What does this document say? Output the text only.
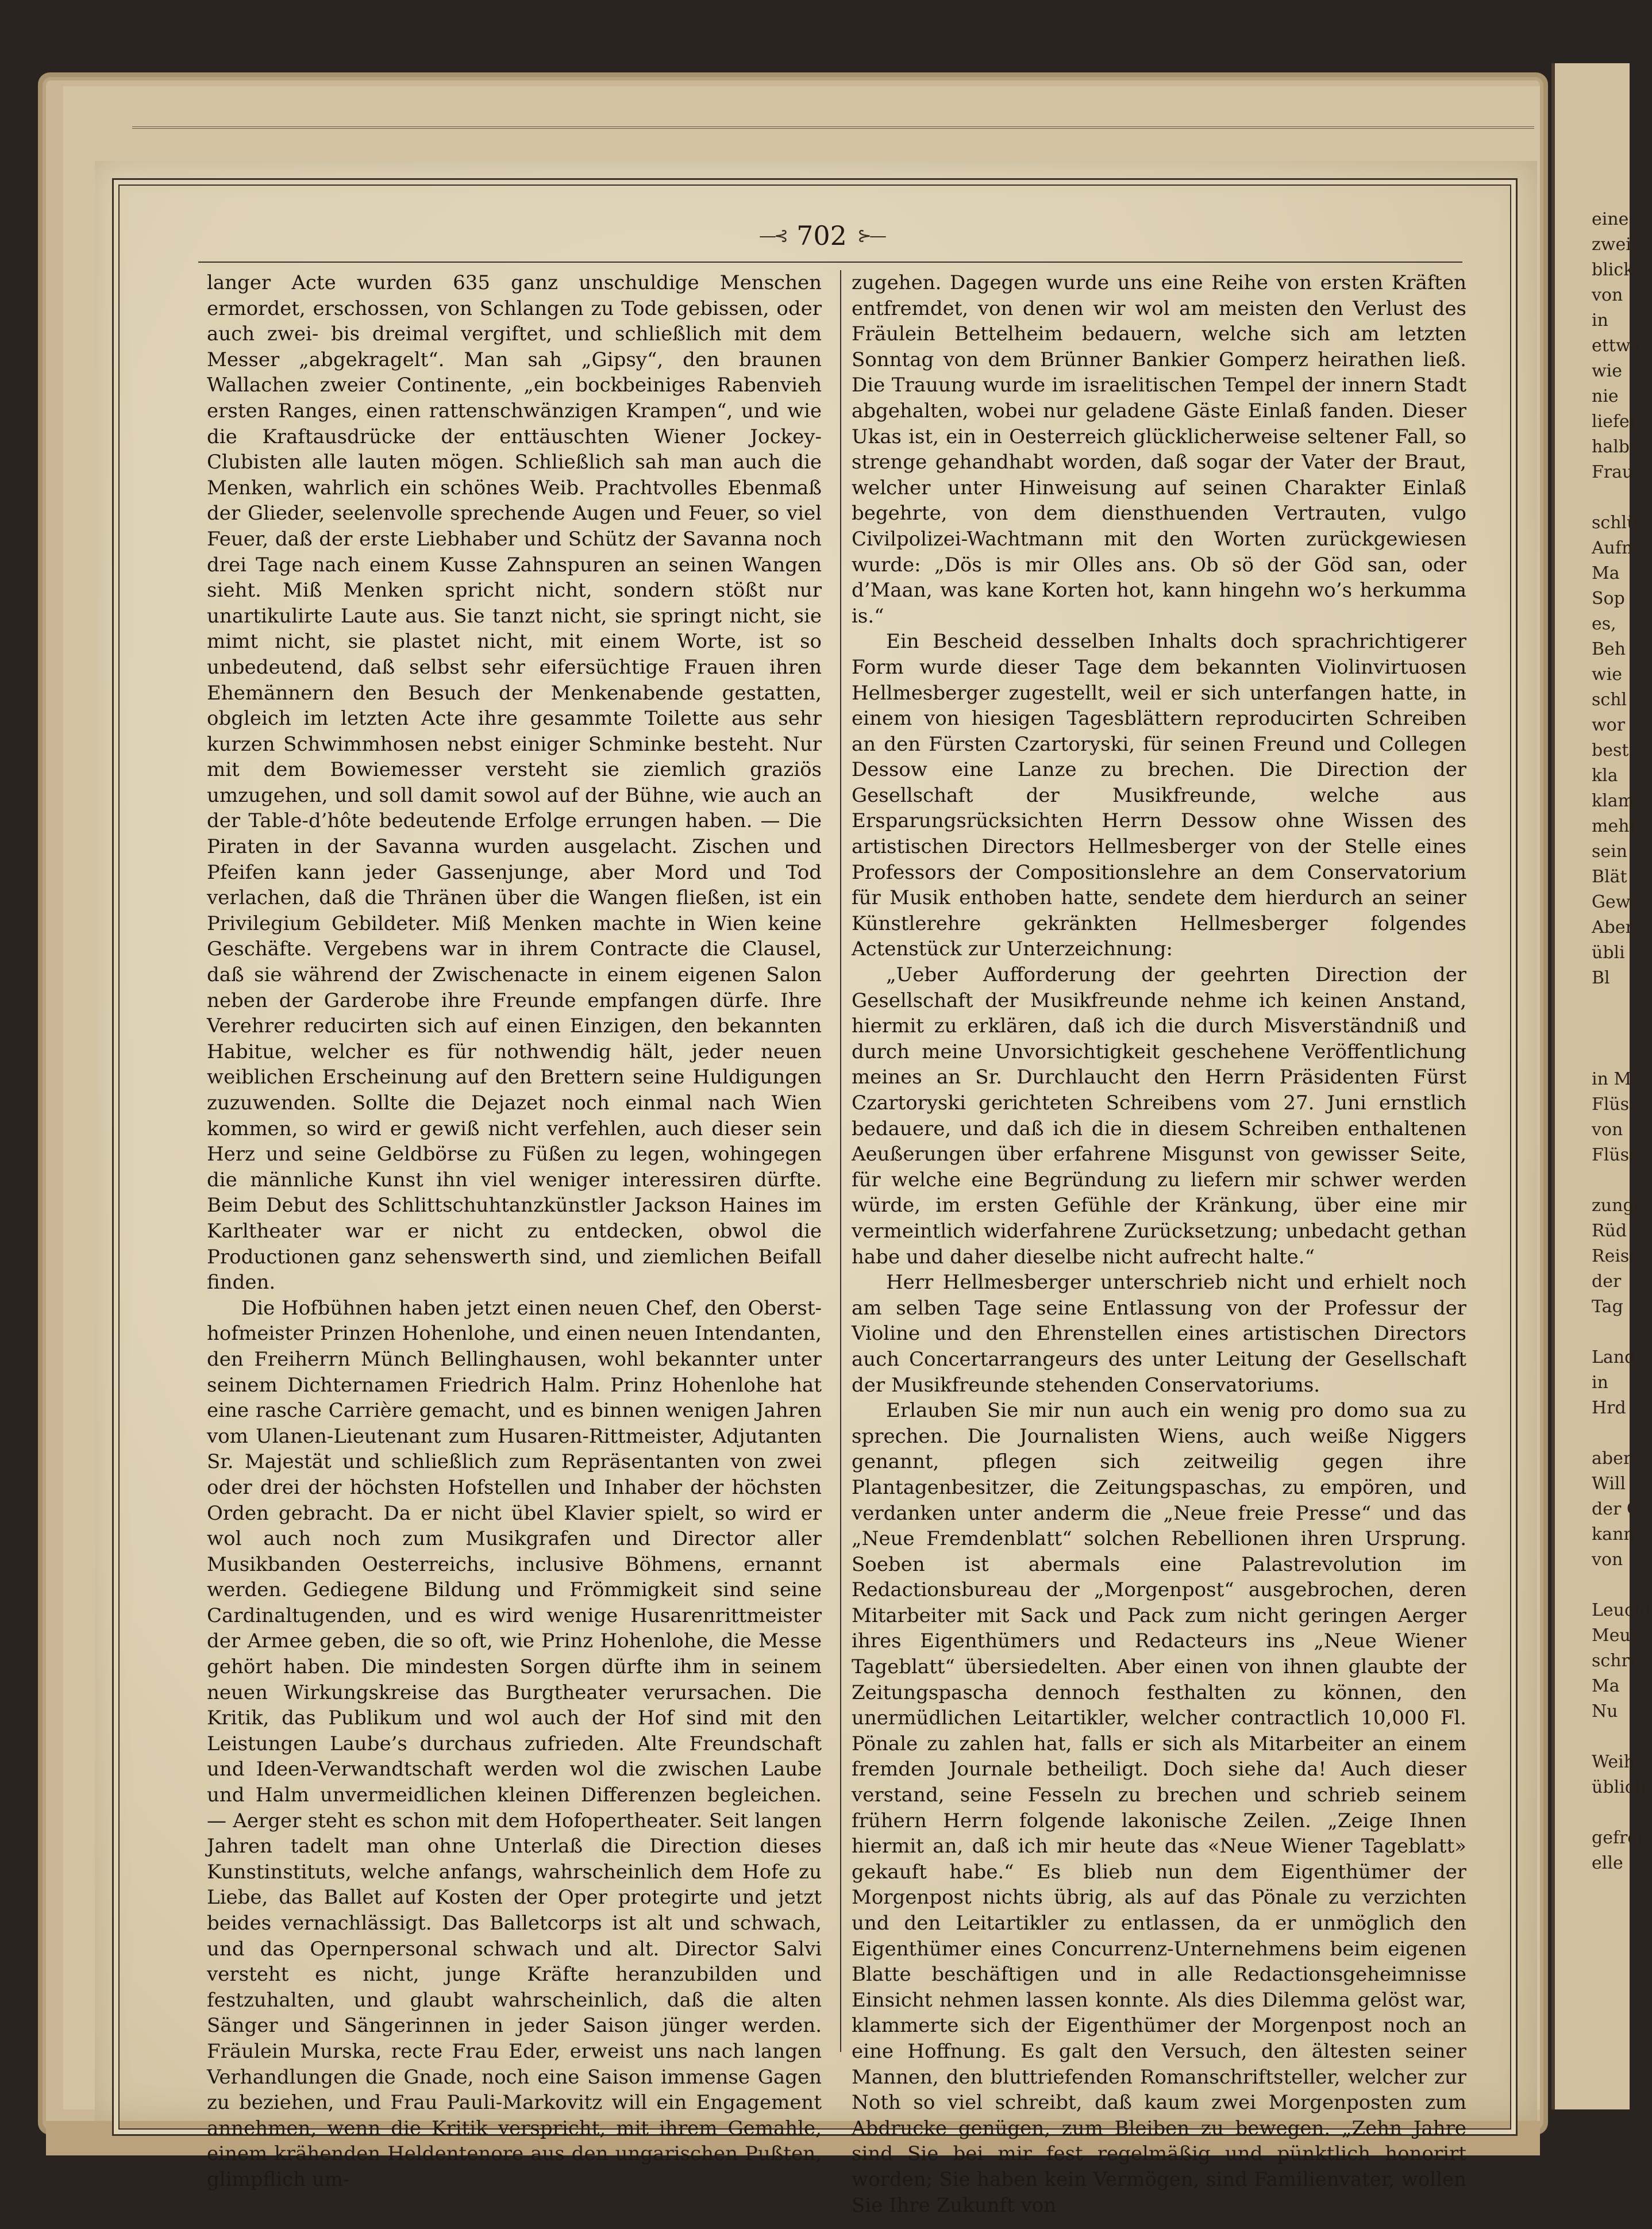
—⊰ 702 ⊱—

langer Acte wurden 635 ganz unschuldige Menschen ermordet, erschossen, von Schlangen zu Tode gebissen, oder auch zwei- bis dreimal vergiftet, und schließlich mit dem Messer „abgekragelt“. Man sah „Gipsy“, den braunen Wallachen zweier Continente, „ein bockbeiniges Rabenvieh ersten Ranges, einen rattenschwänzigen Krampen“, und wie die Kraftausdrücke der enttäuschten Wiener Jockey-Clubisten alle lauten mögen. Schließlich sah man auch die Menken, wahrlich ein schönes Weib. Prachtvolles Ebenmaß der Glieder, seelenvolle sprechende Augen und Feuer, so viel Feuer, daß der erste Liebhaber und Schütz der Savanna noch drei Tage nach einem Kusse Zahnspuren an seinen Wangen sieht. Miß Menken spricht nicht, sondern stößt nur unartikulirte Laute aus. Sie tanzt nicht, sie springt nicht, sie mimt nicht, sie plastet nicht, mit einem Worte, ist so unbedeutend, daß selbst sehr eifersüchtige Frauen ihren Ehemännern den Besuch der Menkenabende gestatten, obgleich im letzten Acte ihre gesammte Toilette aus sehr kurzen Schwimmhosen nebst einiger Schminke besteht. Nur mit dem Bowiemesser versteht sie ziemlich graziös umzugehen, und soll damit sowol auf der Bühne, wie auch an der Table-d’hôte bedeutende Erfolge errungen haben. — Die Piraten in der Savanna wurden ausgelacht. Zischen und Pfeifen kann jeder Gassenjunge, aber Mord und Tod verlachen, daß die Thränen über die Wangen fließen, ist ein Privilegium Gebildeter. Miß Menken machte in Wien keine Geschäfte. Vergebens war in ihrem Contracte die Clausel, daß sie während der Zwischenacte in einem eigenen Salon neben der Garderobe ihre Freunde empfangen dürfe. Ihre Verehrer reducirten sich auf einen Einzigen, den bekannten Habitue, welcher es für nothwendig hält, jeder neuen weiblichen Erscheinung auf den Brettern seine Huldigungen zuzuwenden. Sollte die Dejazet noch einmal nach Wien kommen, so wird er gewiß nicht verfehlen, auch dieser sein Herz und seine Geldbörse zu Füßen zu legen, wohingegen die männliche Kunst ihn viel weniger interessiren dürfte. Beim Debut des Schlittschuhtanzkünstler Jackson Haines im Karltheater war er nicht zu entdecken, obwol die Productionen ganz sehenswerth sind, und ziemlichen Beifall finden.

Die Hofbühnen haben jetzt einen neuen Chef, den Oberst-hofmeister Prinzen Hohenlohe, und einen neuen Intendanten, den Freiherrn Münch Bellinghausen, wohl bekannter unter seinem Dichternamen Friedrich Halm. Prinz Hohenlohe hat eine rasche Carrière gemacht, und es binnen wenigen Jahren vom Ulanen-Lieutenant zum Husaren-Rittmeister, Adjutanten Sr. Majestät und schließlich zum Repräsentanten von zwei oder drei der höchsten Hofstellen und Inhaber der höchsten Orden gebracht. Da er nicht übel Klavier spielt, so wird er wol auch noch zum Musikgrafen und Director aller Musikbanden Oesterreichs, inclusive Böhmens, ernannt werden. Gediegene Bildung und Frömmigkeit sind seine Cardinaltugenden, und es wird wenige Husarenrittmeister der Armee geben, die so oft, wie Prinz Hohenlohe, die Messe gehört haben. Die mindesten Sorgen dürfte ihm in seinem neuen Wirkungskreise das Burgtheater verursachen. Die Kritik, das Publikum und wol auch der Hof sind mit den Leistungen Laube’s durchaus zufrieden. Alte Freundschaft und Ideen-Verwandtschaft werden wol die zwischen Laube und Halm unvermeidlichen kleinen Differenzen begleichen. — Aerger steht es schon mit dem Hofopertheater. Seit langen Jahren tadelt man ohne Unterlaß die Direction dieses Kunstinstituts, welche anfangs, wahrscheinlich dem Hofe zu Liebe, das Ballet auf Kosten der Oper protegirte und jetzt beides vernachlässigt. Das Balletcorps ist alt und schwach, und das Opernpersonal schwach und alt. Director Salvi versteht es nicht, junge Kräfte heranzubilden und festzuhalten, und glaubt wahrscheinlich, daß die alten Sänger und Sängerinnen in jeder Saison jünger werden. Fräulein Murska, recte Frau Eder, erweist uns nach langen Verhandlungen die Gnade, noch eine Saison immense Gagen zu beziehen, und Frau Pauli-Markovitz will ein Engagement annehmen, wenn die Kritik verspricht, mit ihrem Gemahle, einem krähenden Heldentenore aus den ungarischen Pußten, glimpflich um-

zugehen. Dagegen wurde uns eine Reihe von ersten Kräften entfremdet, von denen wir wol am meisten den Verlust des Fräulein Bettelheim bedauern, welche sich am letzten Sonntag von dem Brünner Bankier Gomperz heirathen ließ. Die Trauung wurde im israelitischen Tempel der innern Stadt abgehalten, wobei nur geladene Gäste Einlaß fanden. Dieser Ukas ist, ein in Oesterreich glücklicherweise seltener Fall, so strenge gehandhabt worden, daß sogar der Vater der Braut, welcher unter Hinweisung auf seinen Charakter Einlaß begehrte, von dem diensthuenden Vertrauten, vulgo Civilpolizei-Wachtmann mit den Worten zurückgewiesen wurde: „Dös is mir Olles ans. Ob sö der Göd san, oder d’Maan, was kane Korten hot, kann hingehn wo’s herkumma is.“

Ein Bescheid desselben Inhalts doch sprachrichtigerer Form wurde dieser Tage dem bekannten Violinvirtuosen Hellmesberger zugestellt, weil er sich unterfangen hatte, in einem von hiesigen Tagesblättern reproducirten Schreiben an den Fürsten Czartoryski, für seinen Freund und Collegen Dessow eine Lanze zu brechen. Die Direction der Gesellschaft der Musikfreunde, welche aus Ersparungsrücksichten Herrn Dessow ohne Wissen des artistischen Directors Hellmesberger von der Stelle eines Professors der Compositionslehre an dem Conservatorium für Musik enthoben hatte, sendete dem hierdurch an seiner Künstlerehre gekränkten Hellmesberger folgendes Actenstück zur Unterzeichnung:

„Ueber Aufforderung der geehrten Direction der Gesellschaft der Musikfreunde nehme ich keinen Anstand, hiermit zu erklären, daß ich die durch Misverständniß und durch meine Unvorsichtigkeit geschehene Veröffentlichung meines an Sr. Durchlaucht den Herrn Präsidenten Fürst Czartoryski gerichteten Schreibens vom 27. Juni ernstlich bedauere, und daß ich die in diesem Schreiben enthaltenen Aeußerungen über erfahrene Misgunst von gewisser Seite, für welche eine Begründung zu liefern mir schwer werden würde, im ersten Gefühle der Kränkung, über eine mir vermeintlich widerfahrene Zurücksetzung; unbedacht gethan habe und daher dieselbe nicht aufrecht halte.“

Herr Hellmesberger unterschrieb nicht und erhielt noch am selben Tage seine Entlassung von der Professur der Violine und den Ehrenstellen eines artistischen Directors auch Concertarrangeurs des unter Leitung der Gesellschaft der Musikfreunde stehenden Conservatoriums.

Erlauben Sie mir nun auch ein wenig pro domo sua zu sprechen. Die Journalisten Wiens, auch weiße Niggers genannt, pflegen sich zeitweilig gegen ihre Plantagenbesitzer, die Zeitungspaschas, zu empören, und verdanken unter anderm die „Neue freie Presse“ und das „Neue Fremdenblatt“ solchen Rebellionen ihren Ursprung. Soeben ist abermals eine Palastrevolution im Redactionsbureau der „Morgenpost“ ausgebrochen, deren Mitarbeiter mit Sack und Pack zum nicht geringen Aerger ihres Eigenthümers und Redacteurs ins „Neue Wiener Tageblatt“ übersiedelten. Aber einen von ihnen glaubte der Zeitungspascha dennoch festhalten zu können, den unermüdlichen Leitartikler, welcher contractlich 10,000 Fl. Pönale zu zahlen hat, falls er sich als Mitarbeiter an einem fremden Journale betheiligt. Doch siehe da! Auch dieser verstand, seine Fesseln zu brechen und schrieb seinem frühern Herrn folgende lakonische Zeilen. „Zeige Ihnen hiermit an, daß ich mir heute das «Neue Wiener Tageblatt» gekauft habe.“ Es blieb nun dem Eigenthümer der Morgenpost nichts übrig, als auf das Pönale zu verzichten und den Leitartikler zu entlassen, da er unmöglich den Eigenthümer eines Concurrenz-Unternehmens beim eigenen Blatte beschäftigen und in alle Redactionsgeheimnisse Einsicht nehmen lassen konnte. Als dies Dilemma gelöst war, klammerte sich der Eigenthümer der Morgenpost noch an eine Hoffnung. Es galt den Versuch, den ältesten seiner Mannen, den bluttriefenden Romanschriftsteller, welcher zur Noth so viel schreibt, daß kaum zwei Morgenposten zum Abdrucke genügen, zum Bleiben zu bewegen. „Zehn Jahre sind Sie bei mir fest regelmäßig und pünktlich honorirt worden; Sie haben kein Vermögen, sind Familienvater, wollen Sie Ihre Zukunft von

eine
zwei
blick
von
in
ettwa
wie
nie
liefer
halb
Frau

schlü
Aufn
Ma
Sop
es,
Beh
wie
schl
wor
best
kla
klam
mehr
sein
Blät
Gew
Aber
übli
Bl

in
Flüs
von
Flüss

zunge
Rüd
Reise
der
Tag

Land
in
Hrd

aber
Will
der G
kann
von

Leucht
Meu
schri
Ma
Nu

Weih
üblich

gefrer
elle
